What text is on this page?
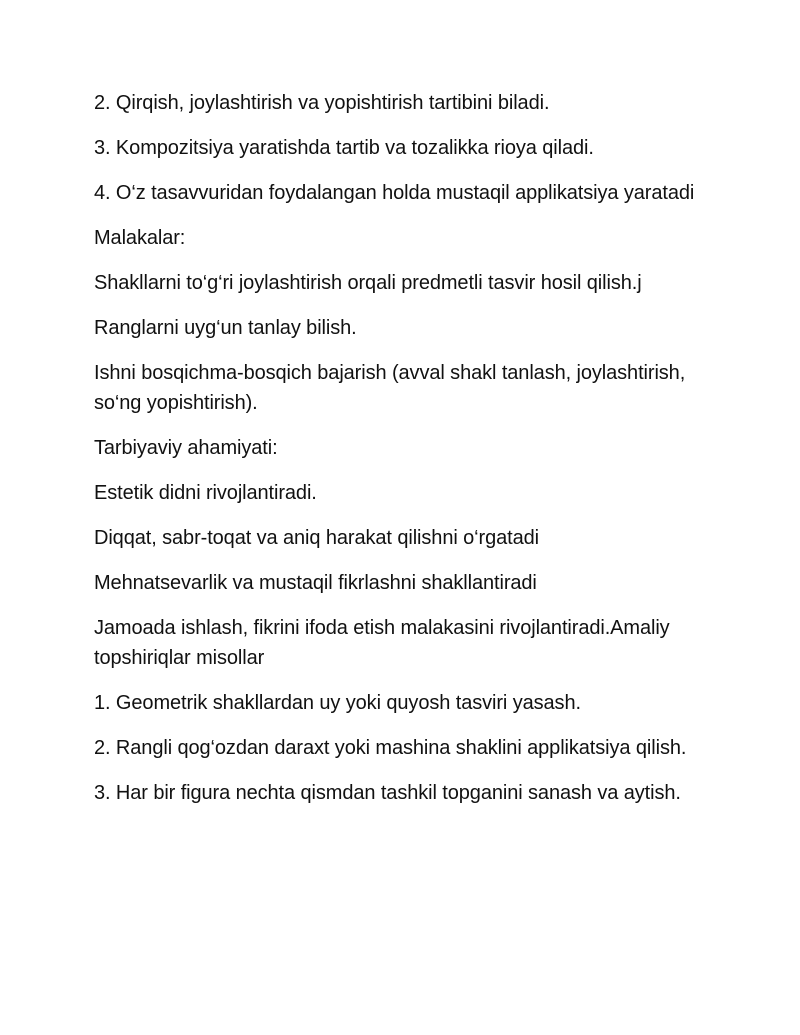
2. Qirqish, joylashtirish va yopishtirish tartibini biladi.

3. Kompozitsiya yaratishda tartib va tozalikka rioya qiladi.

4. O‘z tasavvuridan foydalangan holda mustaqil applikatsiya yaratadi

Malakalar:

Shakllarni to‘g‘ri joylashtirish orqali predmetli tasvir hosil qilish.j

Ranglarni uyg‘un tanlay bilish.

Ishni bosqichma-bosqich bajarish (avval shakl tanlash, joylashtirish, so‘ng yopishtirish).

Tarbiyaviy ahamiyati:

Estetik didni rivojlantiradi.

Diqqat, sabr-toqat va aniq harakat qilishni o‘rgatadi

Mehnatsevarlik va mustaqil fikrlashni shakllantiradi

Jamoada ishlash, fikrini ifoda etish malakasini rivojlantiradi.Amaliy topshiriqlar misollar

1. Geometrik shakllardan uy yoki quyosh tasviri yasash.

2. Rangli qog‘ozdan daraxt yoki mashina shaklini applikatsiya qilish.

3. Har bir figura nechta qismdan tashkil topganini sanash va aytish.
